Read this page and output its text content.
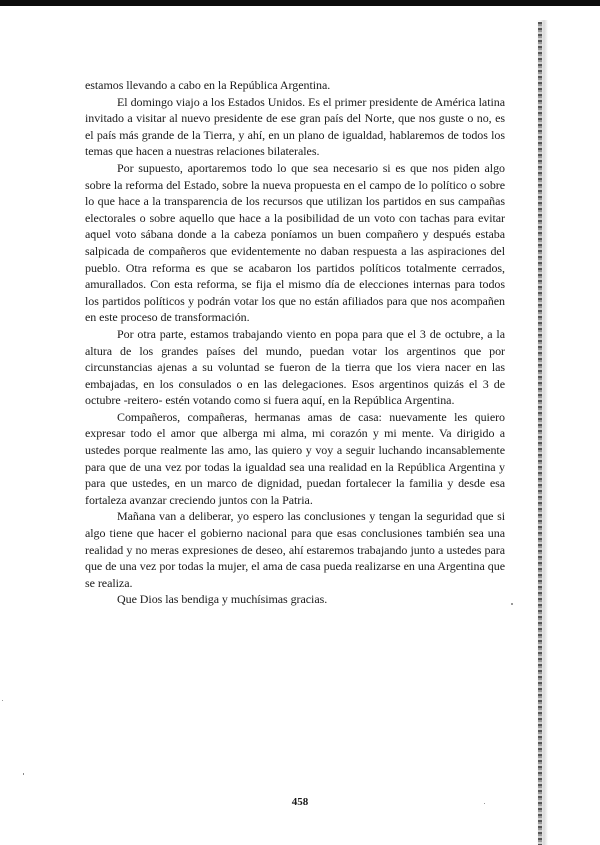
estamos llevando a cabo en la República Argentina.

El domingo viajo a los Estados Unidos. Es el primer presidente de América latina invitado a visitar al nuevo presidente de ese gran país del Norte, que nos guste o no, es el país más grande de la Tierra, y ahí, en un plano de igualdad, hablaremos de todos los temas que hacen a nuestras relaciones bilaterales.

Por supuesto, aportaremos todo lo que sea necesario si es que nos piden algo sobre la reforma del Estado, sobre la nueva propuesta en el campo de lo político o sobre lo que hace a la transparencia de los recursos que utilizan los partidos en sus campañas electorales o sobre aquello que hace a la posibilidad de un voto con tachas para evitar aquel voto sábana donde a la cabeza poníamos un buen compañero y después estaba salpicada de compañeros que evidentemente no daban respuesta a las aspiraciones del pueblo. Otra reforma es que se acabaron los partidos políticos totalmente cerrados, amurallados. Con esta reforma, se fija el mismo día de elecciones internas para todos los partidos políticos y podrán votar los que no están afiliados para que nos acompañen en este proceso de transformación.

Por otra parte, estamos trabajando viento en popa para que el 3 de octubre, a la altura de los grandes países del mundo, puedan votar los argentinos que por circunstancias ajenas a su voluntad se fueron de la tierra que los viera nacer en las embajadas, en los consulados o en las delegaciones. Esos argentinos quizás el 3 de octubre -reitero- estén votando como si fuera aquí, en la República Argentina.

Compañeros, compañeras, hermanas amas de casa: nuevamente les quiero expresar todo el amor que alberga mi alma, mi corazón y mi mente. Va dirigido a ustedes porque realmente las amo, las quiero y voy a seguir luchando incansablemente para que de una vez por todas la igualdad sea una realidad en la República Argentina y para que ustedes, en un marco de dignidad, puedan fortalecer la familia y desde esa fortaleza avanzar creciendo juntos con la Patria.

Mañana van a deliberar, yo espero las conclusiones y tengan la seguridad que si algo tiene que hacer el gobierno nacional para que esas conclusiones también sea una realidad y no meras expresiones de deseo, ahí estaremos trabajando junto a ustedes para que de una vez por todas la mujer, el ama de casa pueda realizarse en una Argentina que se realiza.

Que Dios las bendiga y muchísimas gracias.

458
